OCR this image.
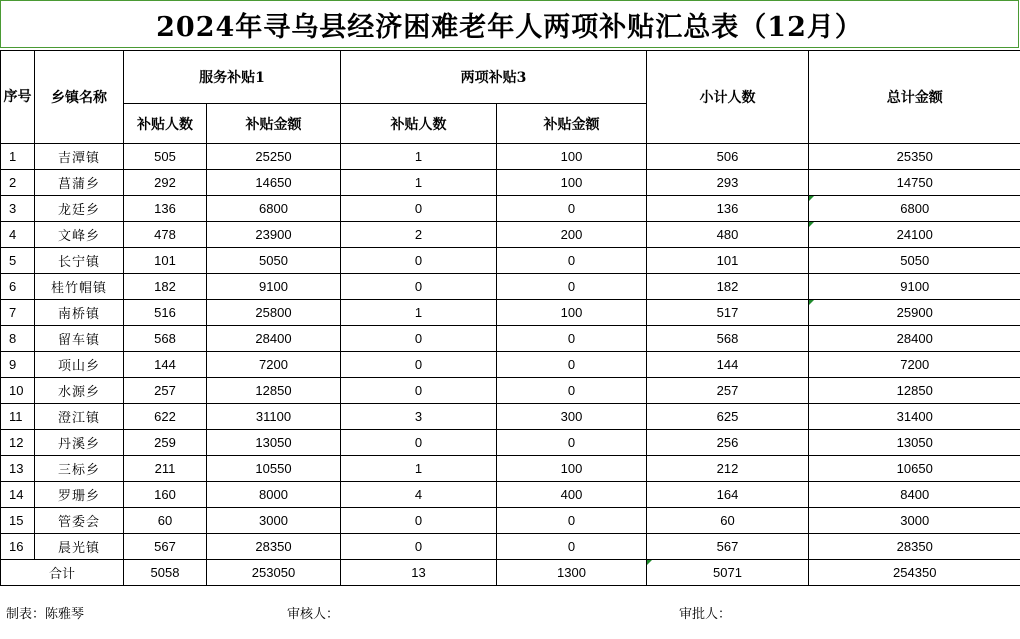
2024年寻乌县经济困难老年人两项补贴汇总表（12月）
序号	乡镇名称	服务补贴1		两项补贴3		小计人数	总计金额
		补贴人数	补贴金额	补贴人数	补贴金额		
1	吉潭镇	505	25250	1	100	506	25350
2	菖蒲乡	292	14650	1	100	293	14750
3	龙廷乡	136	6800	0	0	136	6800
4	文峰乡	478	23900	2	200	480	24100
5	长宁镇	101	5050	0	0	101	5050
6	桂竹帽镇	182	9100	0	0	182	9100
7	南桥镇	516	25800	1	100	517	25900
8	留车镇	568	28400	0	0	568	28400
9	项山乡	144	7200	0	0	144	7200
10	水源乡	257	12850	0	0	257	12850
11	澄江镇	622	31100	3	300	625	31400
12	丹溪乡	259	13050	0	0	256	13050
13	三标乡	211	10550	1	100	212	10650
14	罗珊乡	160	8000	4	400	164	8400
15	管委会	60	3000	0	0	60	3000
16	晨光镇	567	28350	0	0	567	28350
合计		5058	253050	13	1300	5071	254350
制表：陈雅琴	审核人：	审批人：
